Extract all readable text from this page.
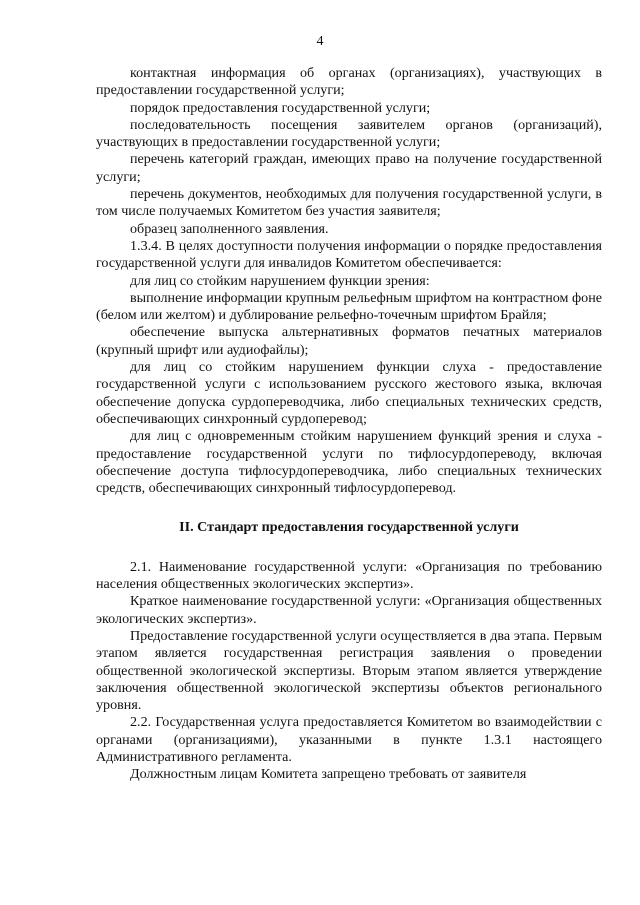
4

контактная информация об органах (организациях), участвующих в предоставлении государственной услуги;

порядок предоставления государственной услуги;

последовательность посещения заявителем органов (организаций), участвующих в предоставлении государственной услуги;

перечень категорий граждан, имеющих право на получение государственной услуги;

перечень документов, необходимых для получения государственной услуги, в том числе получаемых Комитетом без участия заявителя;

образец заполненного заявления.

1.3.4. В целях доступности получения информации о порядке предоставления государственной услуги для инвалидов Комитетом обеспечивается:

для лиц со стойким нарушением функции зрения:

выполнение информации крупным рельефным шрифтом на контрастном фоне (белом или желтом) и дублирование рельефно-точечным шрифтом Брайля;

обеспечение выпуска альтернативных форматов печатных материалов (крупный шрифт или аудиофайлы);

для лиц со стойким нарушением функции слуха - предоставление государственной услуги с использованием русского жестового языка, включая обеспечение допуска сурдопереводчика, либо специальных технических средств, обеспечивающих синхронный сурдоперевод;

для лиц с одновременным стойким нарушением функций зрения и слуха - предоставление государственной услуги по тифлосурдопереводу, включая обеспечение доступа тифлосурдопереводчика, либо специальных технических средств, обеспечивающих синхронный тифлосурдоперевод.

II. Стандарт предоставления государственной услуги

2.1. Наименование государственной услуги: «Организация по требованию населения общественных экологических экспертиз».

Краткое наименование государственной услуги: «Организация общественных экологических экспертиз».

Предоставление государственной услуги осуществляется в два этапа. Первым этапом является государственная регистрация заявления о проведении общественной экологической экспертизы. Вторым этапом является утверждение заключения общественной экологической экспертизы объектов регионального уровня.

2.2. Государственная услуга предоставляется Комитетом во взаимодействии с органами (организациями), указанными в пункте 1.3.1 настоящего Административного регламента.

Должностным лицам Комитета запрещено требовать от заявителя
